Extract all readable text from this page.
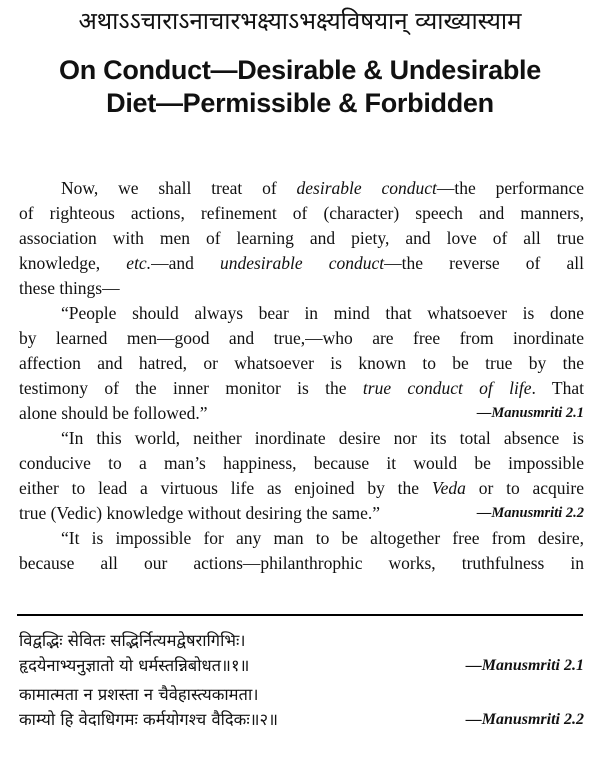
अथाऽऽचाराऽनाचारभक्ष्याऽभक्ष्यविषयान् व्याख्यास्याम
On Conduct—Desirable & Undesirable
Diet—Permissible & Forbidden

Now, we shall treat of desirable conduct—the performance
of righteous actions, refinement of (character) speech and manners,
association with men of learning and piety, and love of all true
knowledge, etc.—and undesirable conduct—the reverse of all
these things—

“People should always bear in mind that whatsoever is done
by learned men—good and true,—who are free from inordinate
affection and hatred, or whatsoever is known to be true by the
testimony of the inner monitor is the true conduct of life. That
alone should be followed.”	—Manusmriti 2.1

“In this world, neither inordinate desire nor its total absence is
conducive to a man’s happiness, because it would be impossible
either to lead a virtuous life as enjoined by the Veda or to acquire
true (Vedic) knowledge without desiring the same.”	—Manusmriti 2.2

“It is impossible for any man to be altogether free from desire,
because all our actions—philanthrophic works, truthfulness in

विद्वद्भिः सेवितः सद्भिर्नित्यमद्वेषरागिभिः।
हृदयेनाभ्यनुज्ञातो यो धर्मस्तन्निबोधत॥१॥	—Manusmriti 2.1
कामात्मता न प्रशस्ता न चैवेहास्त्यकामता।
काम्यो हि वेदाधिगमः कर्मयोगश्च वैदिकः॥२॥	—Manusmriti 2.2
